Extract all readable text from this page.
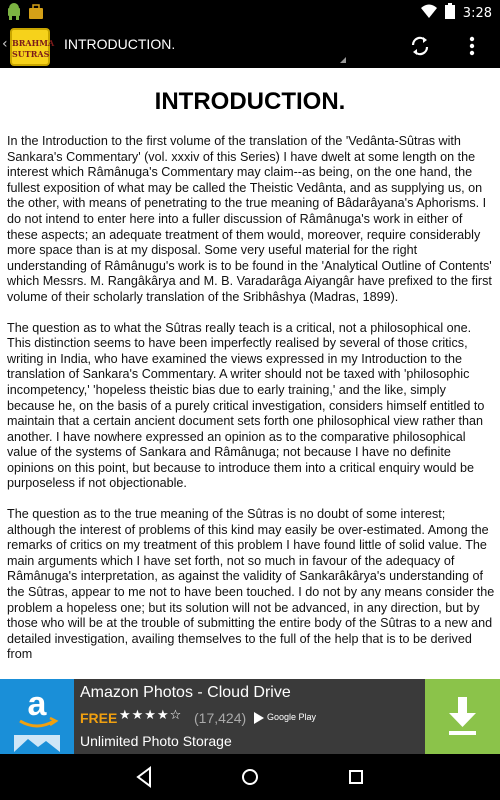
3:28
‹ BRAHMA
SUTRAS
INTRODUCTION.
INTRODUCTION.

In the Introduction to the first volume of the translation of the 'Vedânta-Sûtras with Sankara's Commentary' (vol. xxxiv of this Series) I have dwelt at some length on the interest which Râmânuga's Commentary may claim--as being, on the one hand, the fullest exposition of what may be called the Theistic Vedânta, and as supplying us, on the other, with means of penetrating to the true meaning of Bâdarâyana's Aphorisms. I do not intend to enter here into a fuller discussion of Râmânuga's work in either of these aspects; an adequate treatment of them would, moreover, require considerably more space than is at my disposal. Some very useful material for the right understanding of Râmânugu's work is to be found in the 'Analytical Outline of Contents' which Messrs. M. Rangâkârya and M. B. Varadarâga Aiyangâr have prefixed to the first volume of their scholarly translation of the Sribhâshya (Madras, 1899).

The question as to what the Sûtras really teach is a critical, not a philosophical one. This distinction seems to have been imperfectly realised by several of those critics, writing in India, who have examined the views expressed in my Introduction to the translation of Sankara's Commentary. A writer should not be taxed with 'philosophic incompetency,' 'hopeless theistic bias due to early training,' and the like, simply because he, on the basis of a purely critical investigation, considers himself entitled to maintain that a certain ancient document sets forth one philosophical view rather than another. I have nowhere expressed an opinion as to the comparative philosophical value of the systems of Sankara and Râmânuga; not because I have no definite opinions on this point, but because to introduce them into a critical enquiry would be purposeless if not objectionable.

The question as to the true meaning of the Sûtras is no doubt of some interest; although the interest of problems of this kind may easily be over-estimated. Among the remarks of critics on my treatment of this problem I have found little of solid value. The main arguments which I have set forth, not so much in favour of the adequacy of Râmânuga's interpretation, as against the validity of Sankarâkârya's understanding of the Sûtras, appear to me not to have been touched. I do not by any means consider the problem a hopeless one; but its solution will not be advanced, in any direction, but by those who will be at the trouble of submitting the entire body of the Sûtras to a new and detailed investigation, availing themselves to the full of the help that is to be derived from

a Amazon Photos - Cloud Drive
FREE ★★★★☆ (17,424) Google Play
Unlimited Photo Storage
